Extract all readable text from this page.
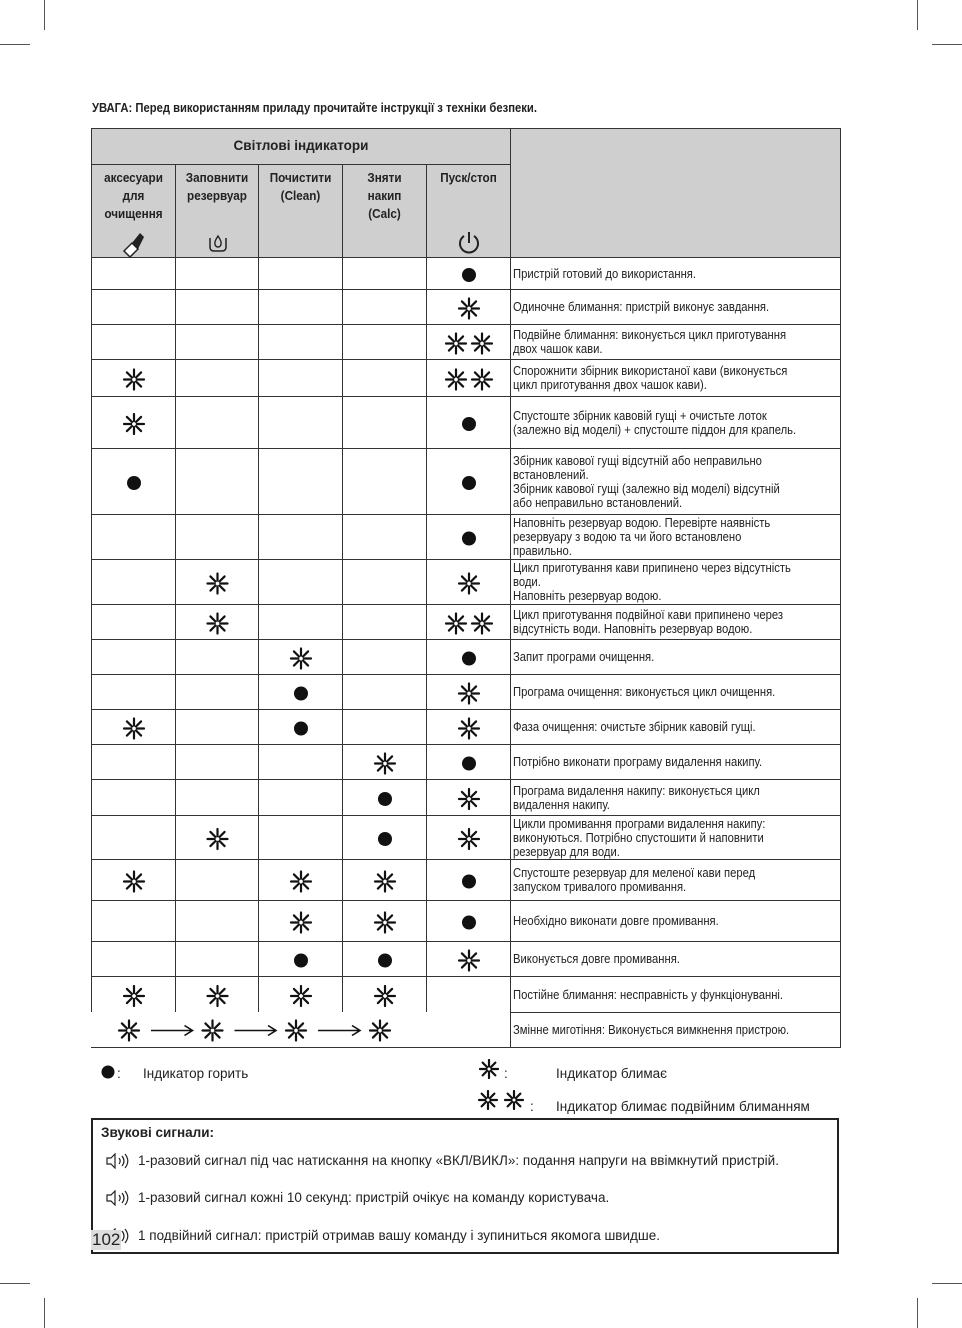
УВАГА: Перед використанням приладу прочитайте інструкції з техніки безпеки.
Світлові індикатори
аксесуари
для
очищення
Заповнити
резервуар
Почистити
(Clean)
Зняти
накип
(Calc)
Пуск/стоп
Пристрій готовий до використання.
Одиночне блимання: пристрій виконує завдання.
Подвійне блимання: виконується цикл приготування
двох чашок кави.
Спорожнити збірник використаної кави (виконується
цикл приготування двох чашок кави).
Спустоште збірник кавовій гущі + очистьте лоток
(залежно від моделі) + спустоште піддон для крапель.
Збірник кавової гущі відсутній або неправильно
встановлений.
Збірник кавової гущі (залежно від моделі) відсутній
або неправильно встановлений.
Наповніть резервуар водою. Перевірте наявність
резервуару з водою та чи його встановлено
правильно.
Цикл приготування кави припинено через відсутність
води.
Наповніть резервуар водою.
Цикл приготування подвійної кави припинено через
відсутність води. Наповніть резервуар водою.
Запит програми очищення.
Програма очищення: виконується цикл очищення.
Фаза очищення: очистьте збірник кавовій гущі.
Потрібно виконати програму видалення накипу.
Програма видалення накипу: виконується цикл
видалення накипу.
Цикли промивання програми видалення накипу:
виконуються. Потрібно спустошити й наповнити
резервуар для води.
Спустоште резервуар для меленої кави перед
запуском тривалого промивання.
Необхідно виконати довге промивання.
Виконується довге промивання.
Постійне блимання: несправність у функціонуванні.
Змінне миготіння: Виконується вимкнення пристрою.
: Індикатор горить	:	Індикатор блимає
: Індикатор блимає подвійним блиманням
Звукові сигнали:
1-разовий сигнал під час натискання на кнопку «ВКЛ/ВИКЛ»: подання напруги на ввімкнутий пристрій.
1-разовий сигнал кожні 10 секунд: пристрій очікує на команду користувача.
1 подвійний сигнал: пристрій отримав вашу команду і зупиниться якомога швидше.
102
